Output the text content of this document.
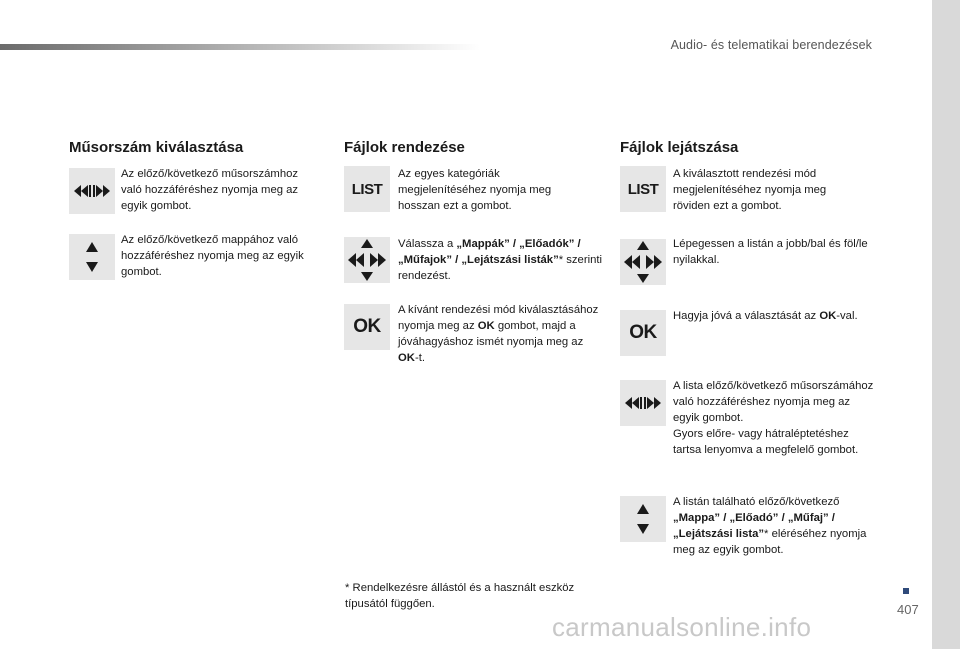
Audio- és telematikai berendezések
407
carmanualsonline.info
Műsorszám kiválasztása
Az előző/következő műsorszámhoz való hozzáféréshez nyomja meg az egyik gombot.
Az előző/következő mappához való hozzáféréshez nyomja meg az egyik gombot.
Fájlok rendezése
LIST
Az egyes kategóriák megjelenítéséhez nyomja meg hosszan ezt a gombot.
Válassza a „Mappák” / „Előadók” / „Műfajok” / „Lejátszási listák”* szerinti rendezést.
OK
A kívánt rendezési mód kiválasztásához nyomja meg az OK gombot, majd a jóváhagyáshoz ismét nyomja meg az OK-t.
* Rendelkezésre állástól és a használt eszköz típusától függően.
Fájlok lejátszása
LIST
A kiválasztott rendezési mód megjelenítéséhez nyomja meg röviden ezt a gombot.
Lépegessen a listán a jobb/bal és föl/le nyilakkal.
OK
Hagyja jóvá a választását az OK-val.
A lista előző/következő műsorszámához való hozzáféréshez nyomja meg az egyik gombot.
Gyors előre- vagy hátraléptetéshez tartsa lenyomva a megfelelő gombot.
A listán található előző/következő „Mappa” / „Előadó” / „Műfaj” / „Lejátszási lista”* eléréséhez nyomja meg az egyik gombot.
